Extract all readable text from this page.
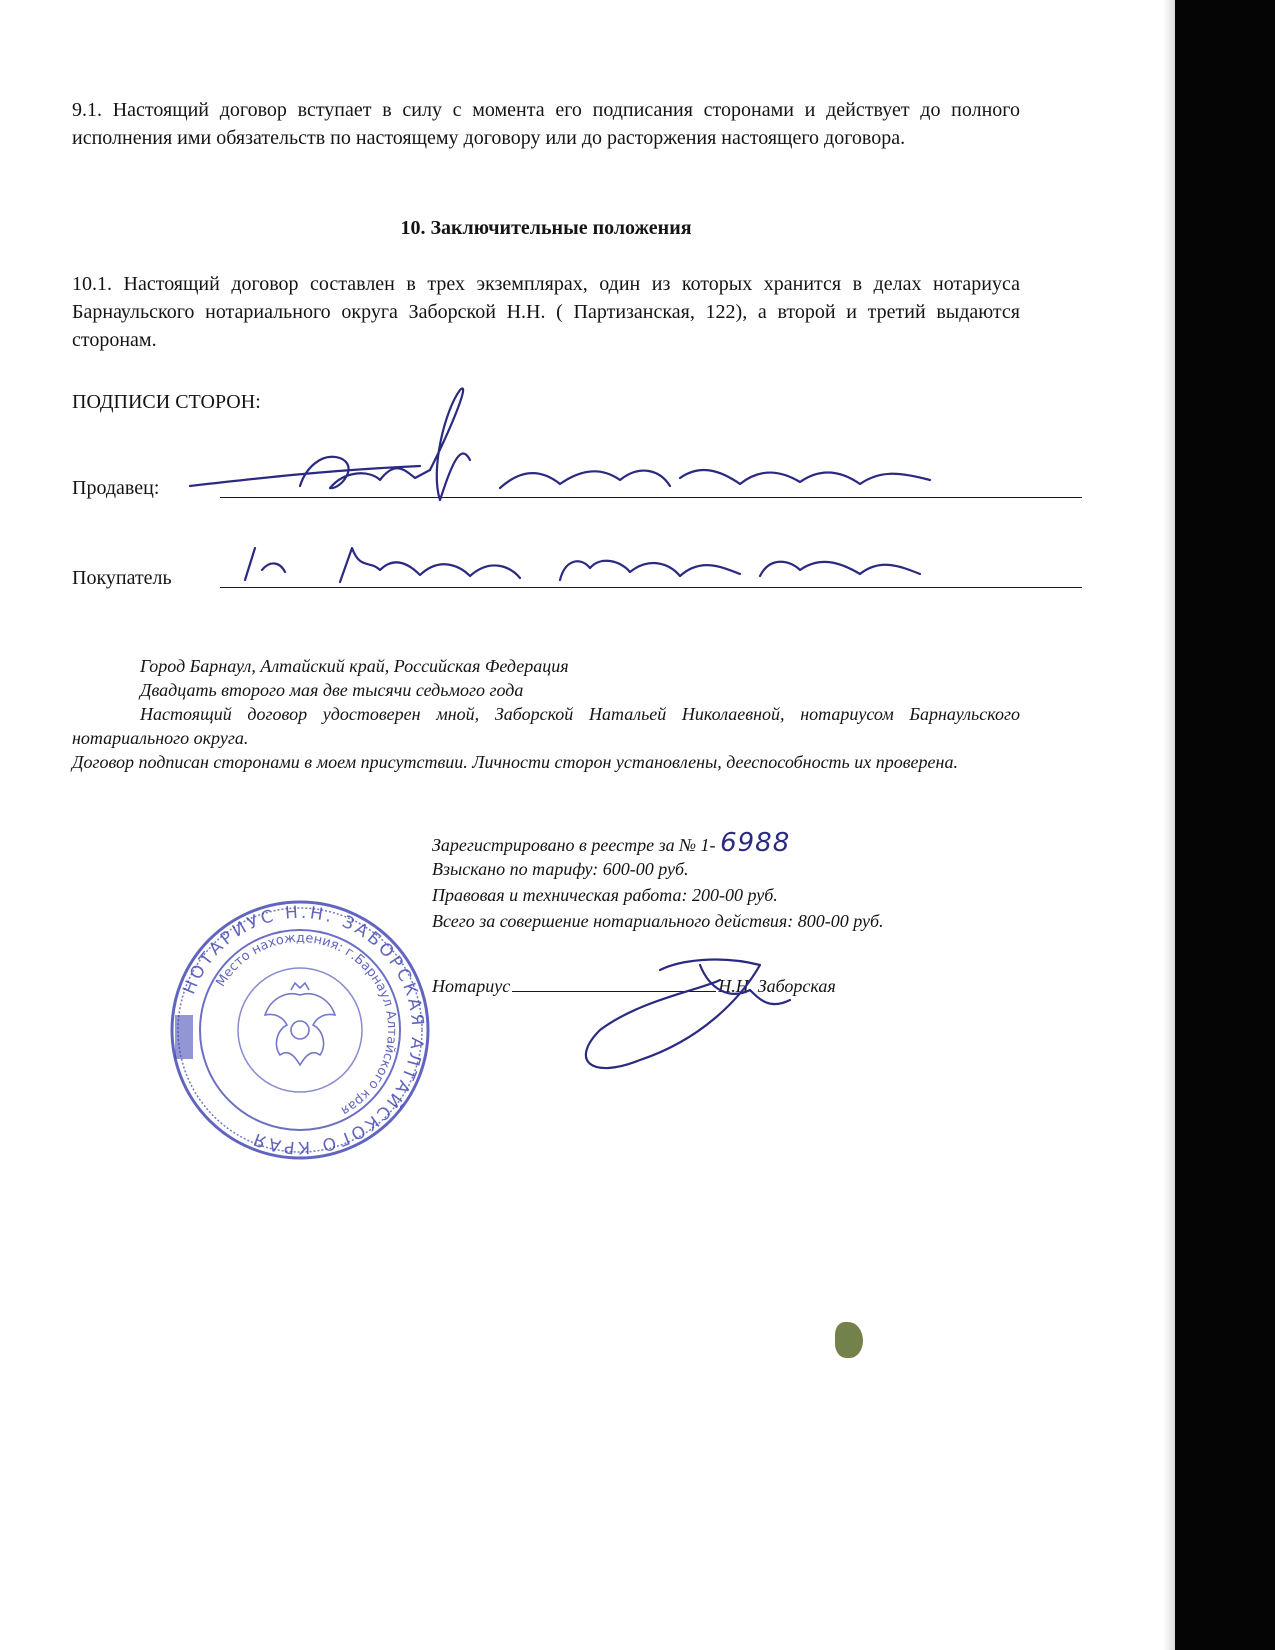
9.1. Настоящий договор вступает в силу с момента его подписания сторонами и действует до полного исполнения ими обязательств по настоящему договору или до расторжения настоящего договора.

10. Заключительные положения

10.1. Настоящий договор составлен в трех экземплярах, один из которых хранится в делах нотариуса Барнаульского нотариального округа Заборской Н.Н. ( Партизанская, 122), а второй и третий выдаются сторонам.

ПОДПИСИ СТОРОН:

Продавец:
Покупатель

Город Барнаул, Алтайский край, Российская Федерация

Двадцать второго мая две тысячи седьмого года

Настоящий договор удостоверен мной, Заборской Натальей Николаевной, нотариусом Барнаульского нотариального округа.

Договор подписан сторонами в моем присутствии. Личности сторон установлены, дееспособность их проверена.

Зарегистрировано в реестре за № 1- 6988

Взыскано по тарифу: 600-00 руб.

Правовая и техническая работа: 200-00 руб.

Всего за совершение нотариального действия: 800-00 руб.

Нотариус	Н.Н. Заборская
НОТАРИУС Н.Н. ЗАБОРСКАЯ АЛТАЙСКОГО КРАЯ
Место нахождения: г.Барнаул Алтайского края
